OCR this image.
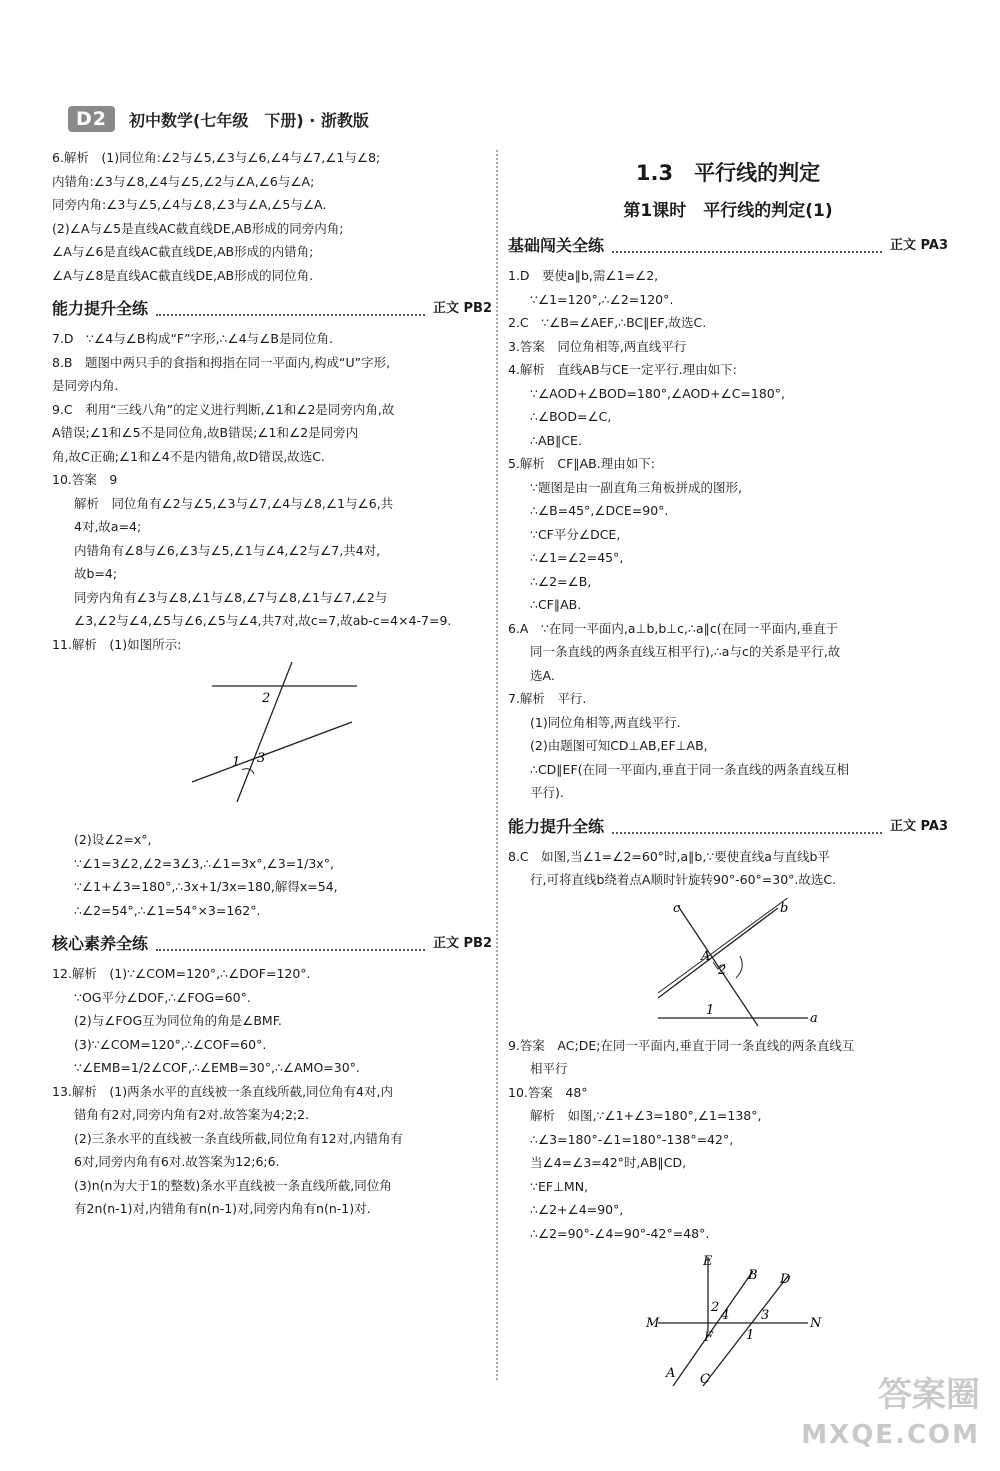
D2	初中数学(七年级　下册) · 浙教版
6.解析　(1)同位角:∠2与∠5,∠3与∠6,∠4与∠7,∠1与∠8;
内错角:∠3与∠8,∠4与∠5,∠2与∠A,∠6与∠A;
同旁内角:∠3与∠5,∠4与∠8,∠3与∠A,∠5与∠A.
(2)∠A与∠5是直线AC截直线DE,AB形成的同旁内角;
∠A与∠6是直线AC截直线DE,AB形成的内错角;
∠A与∠8是直线AC截直线DE,AB形成的同位角.
能力提升全练	正文 PB2
7.D　∵∠4与∠B构成“F”字形,∴∠4与∠B是同位角.
8.B　题图中两只手的食指和拇指在同一平面内,构成“U”字形,
是同旁内角.
9.C　利用“三线八角”的定义进行判断,∠1和∠2是同旁内角,故
A错误;∠1和∠5不是同位角,故B错误;∠1和∠2是同旁内
角,故C正确;∠1和∠4不是内错角,故D错误,故选C.
10.答案　9
解析　同位角有∠2与∠5,∠3与∠7,∠4与∠8,∠1与∠6,共
4对,故a=4;
内错角有∠8与∠6,∠3与∠5,∠1与∠4,∠2与∠7,共4对,
故b=4;
同旁内角有∠3与∠8,∠1与∠8,∠7与∠8,∠1与∠7,∠2与
∠3,∠2与∠4,∠5与∠6,∠5与∠4,共7对,故c=7,故ab-c=4×4-7=9.
11.解析　(1)如图所示:
2
1 3
(2)设∠2=x°,
∵∠1=3∠2,∠2=3∠3,∴∠1=3x°,∠3=1/3x°,
∵∠1+∠3=180°,∴3x+1/3x=180,解得x=54,
∴∠2=54°,∴∠1=54°×3=162°.
核心素养全练	正文 PB2
12.解析　(1)∵∠COM=120°,∴∠DOF=120°.
∵OG平分∠DOF,∴∠FOG=60°.
(2)与∠FOG互为同位角的角是∠BMF.
(3)∵∠COM=120°,∴∠COF=60°.
∵∠EMB=1/2∠COF,∴∠EMB=30°,∴∠AMO=30°.
13.解析　(1)两条水平的直线被一条直线所截,同位角有4对,内
错角有2对,同旁内角有2对.故答案为4;2;2.
(2)三条水平的直线被一条直线所截,同位角有12对,内错角有
6对,同旁内角有6对.故答案为12;6;6.
(3)n(n为大于1的整数)条水平直线被一条直线所截,同位角
有2n(n-1)对,内错角有n(n-1)对,同旁内角有n(n-1)对.
1.3　平行线的判定
第1课时　平行线的判定(1)
基础闯关全练	正文 PA3
1.D　要使a∥b,需∠1=∠2,
∵∠1=120°,∴∠2=120°.
2.C　∵∠B=∠AEF,∴BC∥EF,故选C.
3.答案　同位角相等,两直线平行
4.解析　直线AB与CE一定平行.理由如下:
∵∠AOD+∠BOD=180°,∠AOD+∠C=180°,
∴∠BOD=∠C,
∴AB∥CE.
5.解析　CF∥AB.理由如下:
∵题图是由一副直角三角板拼成的图形,
∴∠B=45°,∠DCE=90°.
∵CF平分∠DCE,
∴∠1=∠2=45°,
∴∠2=∠B,
∴CF∥AB.
6.A　∵在同一平面内,a⊥b,b⊥c,∴a∥c(在同一平面内,垂直于
同一条直线的两条直线互相平行),∴a与c的关系是平行,故
选A.
7.解析　平行.
(1)同位角相等,两直线平行.
(2)由题图可知CD⊥AB,EF⊥AB,
∴CD∥EF(在同一平面内,垂直于同一条直线的两条直线互相
平行).
能力提升全练	正文 PA3
8.C　如图,当∠1=∠2=60°时,a∥b,∵要使直线a与直线b平
行,可将直线b绕着点A顺时针旋转90°-60°=30°.故选C.
c	b
A
2
1
a
9.答案　AC;DE;在同一平面内,垂直于同一条直线的两条直线互
相平行
10.答案　48°
解析　如图,∵∠1+∠3=180°,∠1=138°,
∴∠3=180°-∠1=180°-138°=42°,
当∠4=∠3=42°时,AB∥CD,
∵EF⊥MN,
∴∠2+∠4=90°,
∴∠2=90°-∠4=90°-42°=48°.
E
B D
2
4 3
M
F	1
N
A C	答案圈
MXQE.COM
